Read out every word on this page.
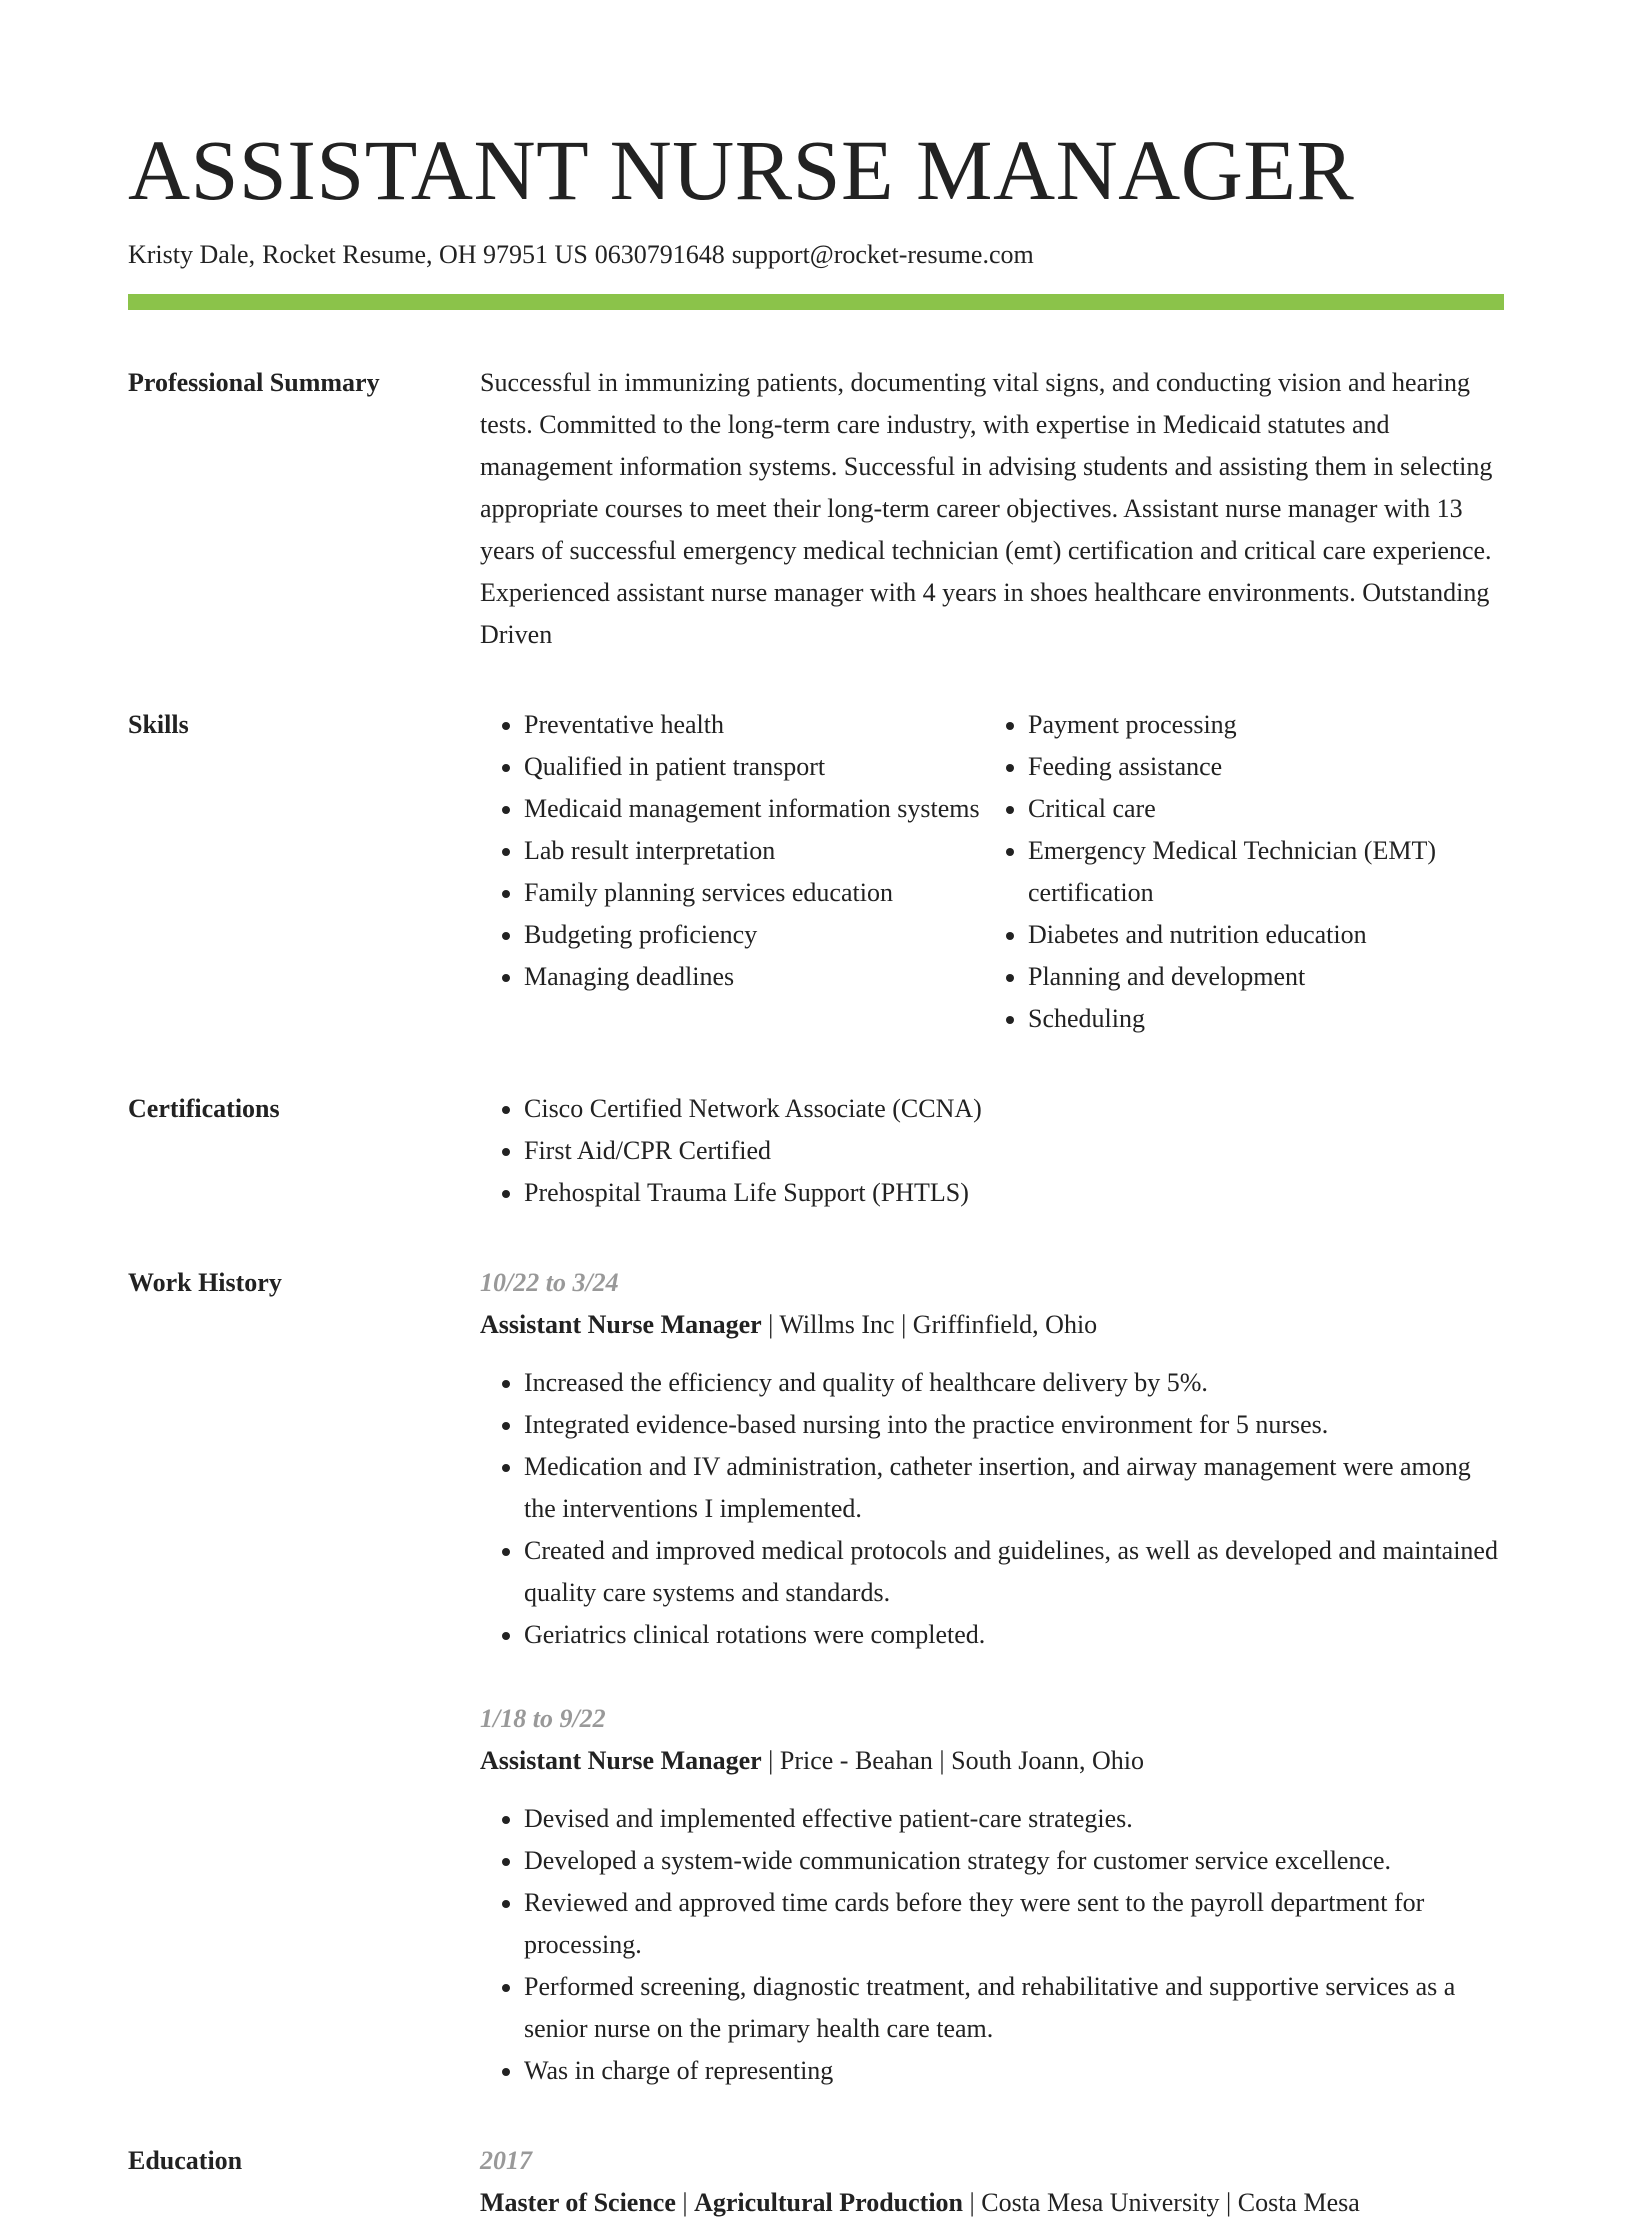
ASSISTANT NURSE MANAGER
Kristy Dale, Rocket Resume, OH 97951 US 0630791648 support@rocket-resume.com
Professional Summary	Successful in immunizing patients, documenting vital signs, and conducting vision and hearing tests. Committed to the long-term care industry, with expertise in Medicaid statutes and management information systems. Successful in advising students and assisting them in selecting appropriate courses to meet their long-term career objectives. Assistant nurse manager with 13 years of successful emergency medical technician (emt) certification and critical care experience. Experienced assistant nurse manager with 4 years in shoes healthcare environments. Outstanding Driven

Skills	• Preventative health
• Qualified in patient transport
• Medicaid management information systems
• Lab result interpretation
• Family planning services education
• Budgeting proficiency
• Managing deadlines
• Payment processing
• Feeding assistance
• Critical care
• Emergency Medical Technician (EMT) certification
• Diabetes and nutrition education
• Planning and development
• Scheduling
Certifications	• Cisco Certified Network Associate (CCNA)
• First Aid/CPR Certified
• Prehospital Trauma Life Support (PHTLS)
Work History	10/22 to 3/24
Assistant Nurse Manager | Willms Inc | Griffinfield, Ohio
• Increased the efficiency and quality of healthcare delivery by 5%.
• Integrated evidence-based nursing into the practice environment for 5 nurses.
• Medication and IV administration, catheter insertion, and airway management were among the interventions I implemented.
• Created and improved medical protocols and guidelines, as well as developed and maintained quality care systems and standards.
• Geriatrics clinical rotations were completed.
1/18 to 9/22
Assistant Nurse Manager | Price - Beahan | South Joann, Ohio
• Devised and implemented effective patient-care strategies.
• Developed a system-wide communication strategy for customer service excellence.
• Reviewed and approved time cards before they were sent to the payroll department for processing.
• Performed screening, diagnostic treatment, and rehabilitative and supportive services as a senior nurse on the primary health care team.
• Was in charge of representing
Education	2017
Master of Science | Agricultural Production | Costa Mesa University | Costa Mesa
